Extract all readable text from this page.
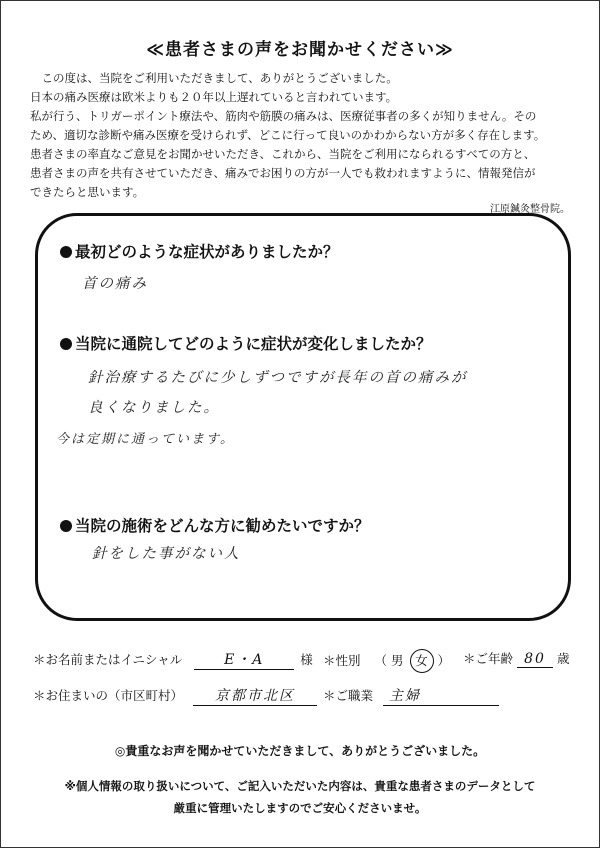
≪患者さまの声をお聞かせください≫

　この度は、当院をご利用いただきまして、ありがとうございました。

日本の痛み医療は欧米よりも２０年以上遅れていると言われています。

私が行う、トリガーポイント療法や、筋肉や筋膜の痛みは、医療従事者の多くが知りません。その

ため、適切な診断や痛み医療を受けられず、どこに行って良いのかわからない方が多く存在します。

患者さまの率直なご意見をお聞かせいただき、これから、当院をご利用になられるすべての方と、

患者さまの声を共有させていただき、痛みでお困りの方が一人でも救われますように、情報発信が

できたらと思います。

江原鍼灸整骨院。

最初どのような症状がありましたか？
首の痛み
当院に通院してどのように症状が変化しましたか？
針治療するたびに少しずつですが長年の首の痛みが
良くなりました。
今は定期に通っています。
当院の施術をどんな方に勧めたいですか？
針をした事がない人
＊お名前またはイニシャル	E・A	様 ＊性別 （ 男 女 ） ＊ご年齢 80 歳
＊お住まいの（市区町村） 京都市北区	＊ご職業 主婦
◎貴重なお声を聞かせていただきまして、ありがとうございました。
※個人情報の取り扱いについて、ご記入いただいた内容は、貴重な患者さまのデータとして
厳重に管理いたしますのでご安心くださいませ。
